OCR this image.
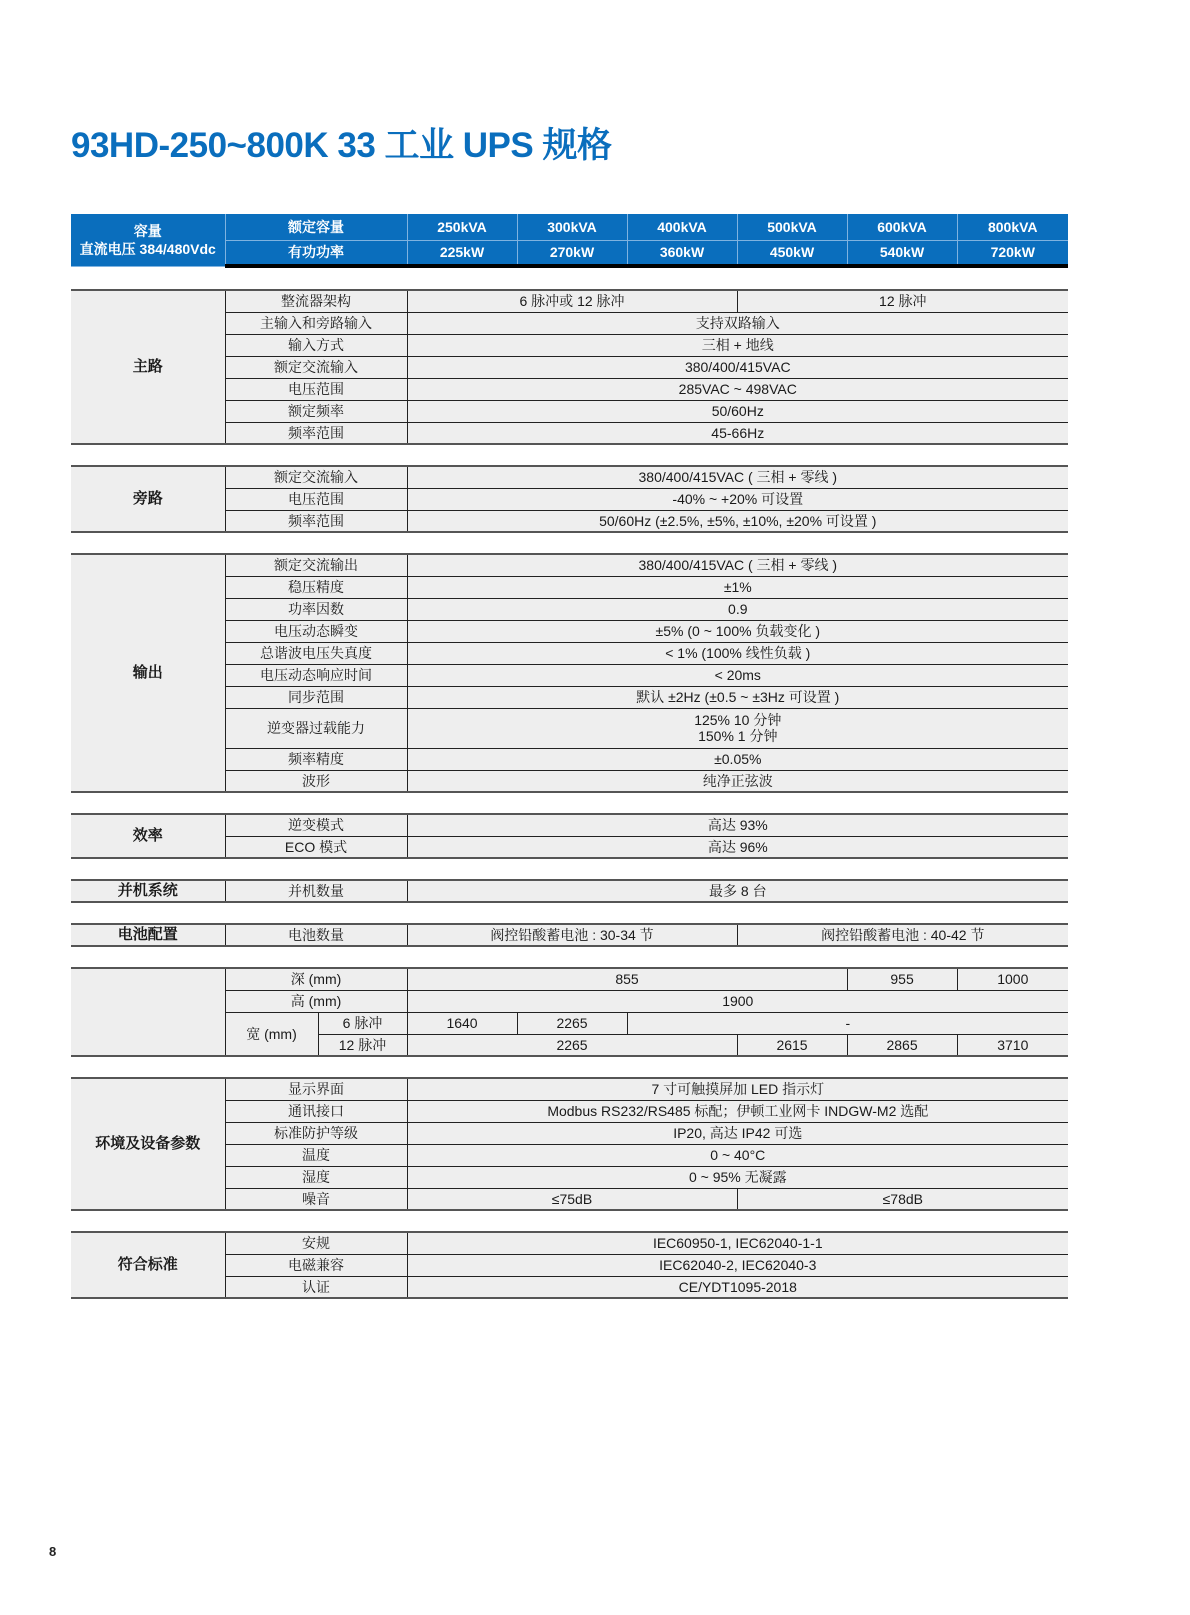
93HD-250~800K 33 工业 UPS 规格
容量
直流电压 384/480Vdc	额定容量	250kVA	300kVA	400kVA	500kVA	600kVA	800kVA
	有功功率	225kW	270kW	360kW	450kW	540kW	720kW
主路	整流器架构	6 脉冲或 12 脉冲	12 脉冲
	主输入和旁路输入	支持双路输入	
	输入方式	三相 + 地线	
	额定交流输入	380/400/415VAC	
	电压范围	285VAC ~ 498VAC	
	额定频率	50/60Hz	
	频率范围	45-66Hz	
旁路	额定交流输入	380/400/415VAC ( 三相 + 零线 )
	电压范围	-40% ~ +20% 可设置
	频率范围	50/60Hz (±2.5%, ±5%, ±10%, ±20% 可设置 )
输出	额定交流输出	380/400/415VAC ( 三相 + 零线 )
	稳压精度	±1%
	功率因数	0.9
	电压动态瞬变	±5% (0 ~ 100% 负载变化 )
	总谐波电压失真度	< 1% (100% 线性负载 )
	电压动态响应时间	< 20ms
	同步范围	默认 ±2Hz (±0.5 ~ ±3Hz 可设置 )
	逆变器过载能力	125% 10 分钟
150% 1 分钟

	频率精度	±0.05%
	波形	纯净正弦波
效率	逆变模式	高达 93%
	ECO 模式	高达 96%
并机系统	并机数量	最多 8 台
电池配置	电池数量	阀控铅酸蓄电池 : 30-34 节	阀控铅酸蓄电池 : 40-42 节
	深 (mm)		855				955	1000
	高 (mm)		1900					
	宽 (mm)	6 脉冲	1640	2265	-			
		12 脉冲	2265			2615	2865	3710
环境及设备参数	显示界面	7 寸可触摸屏加 LED 指示灯	
	通讯接口	Modbus RS232/RS485 标配；伊顿工业网卡 INDGW-M2 选配	
	标准防护等级	IP20, 高达 IP42 可选	
	温度	0 ~ 40°C	
	湿度	0 ~ 95% 无凝露	
	噪音	≤75dB	≤78dB
符合标准	安规	IEC60950-1, IEC62040-1-1
	电磁兼容	IEC62040-2, IEC62040-3
	认证	CE/YDT1095-2018
8
